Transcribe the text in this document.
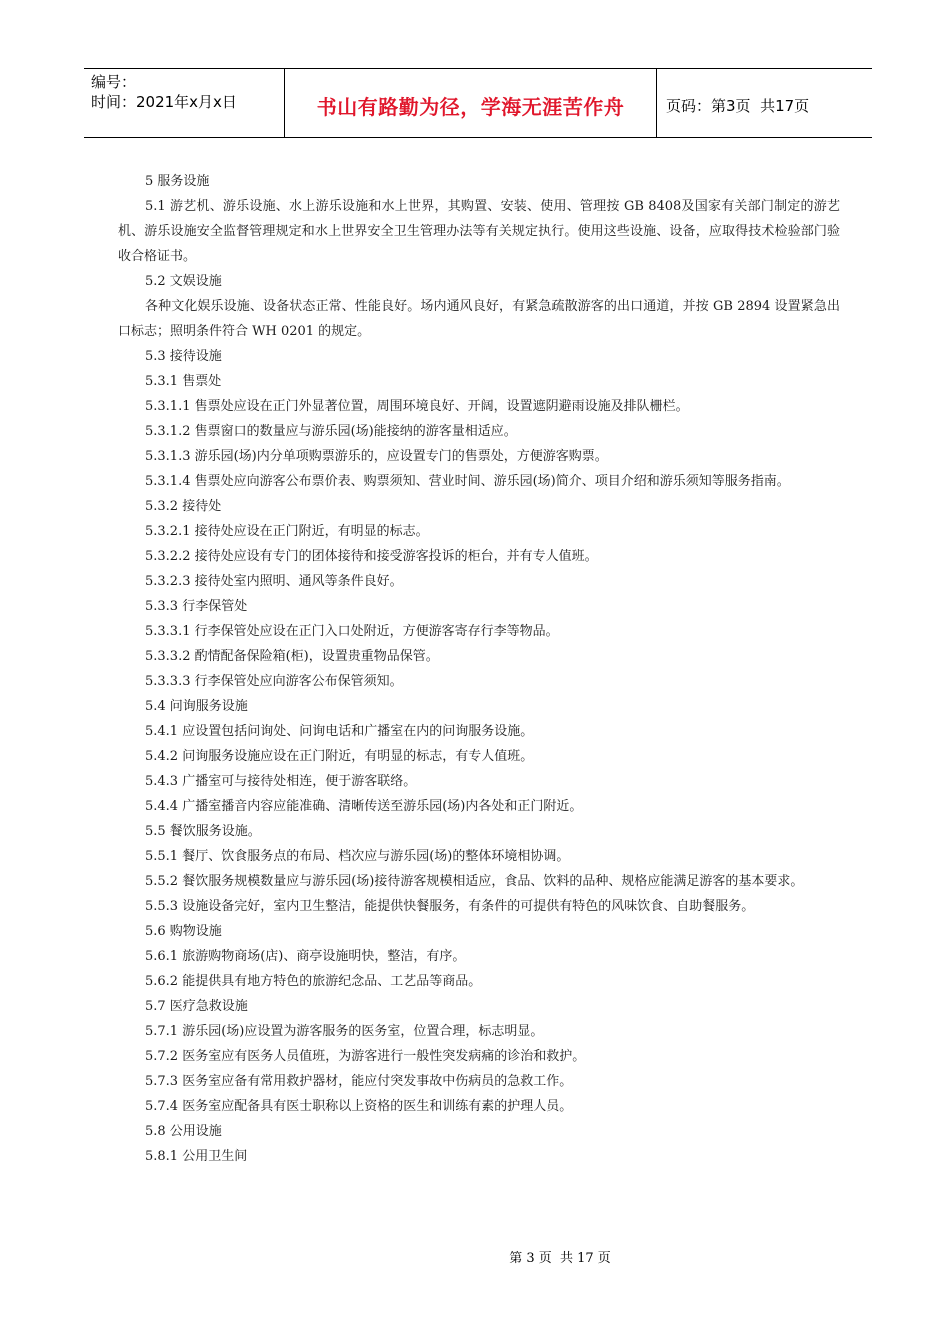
编号：
时间：2021年x月x日	书山有路勤为径，学海无涯苦作舟	页码：第3页  共17页

5 服务设施

5.1 游艺机、游乐设施、水上游乐设施和水上世界，其购置、安装、使用、管理按 GB 8408及国家有关部门制定的游艺机、游乐设施安全监督管理规定和水上世界安全卫生管理办法等有关规定执行。使用这些设施、设备，应取得技术检验部门验收合格证书。

5.2 文娱设施

各种文化娱乐设施、设备状态正常、性能良好。场内通风良好，有紧急疏散游客的出口通道，并按 GB 2894 设置紧急出口标志；照明条件符合 WH 0201 的规定。

5.3 接待设施

5.3.1 售票处

5.3.1.1 售票处应设在正门外显著位置，周围环境良好、开阔，设置遮阴避雨设施及排队栅栏。

5.3.1.2 售票窗口的数量应与游乐园(场)能接纳的游客量相适应。

5.3.1.3 游乐园(场)内分单项购票游乐的，应设置专门的售票处，方便游客购票。

5.3.1.4 售票处应向游客公布票价表、购票须知、营业时间、游乐园(场)简介、项目介绍和游乐须知等服务指南。

5.3.2 接待处

5.3.2.1 接待处应设在正门附近，有明显的标志。

5.3.2.2 接待处应设有专门的团体接待和接受游客投诉的柜台，并有专人值班。

5.3.2.3 接待处室内照明、通风等条件良好。

5.3.3 行李保管处

5.3.3.1 行李保管处应设在正门入口处附近，方便游客寄存行李等物品。

5.3.3.2 酌情配备保险箱(柜)，设置贵重物品保管。

5.3.3.3 行李保管处应向游客公布保管须知。

5.4 问询服务设施

5.4.1 应设置包括问询处、问询电话和广播室在内的问询服务设施。

5.4.2 问询服务设施应设在正门附近，有明显的标志，有专人值班。

5.4.3 广播室可与接待处相连，便于游客联络。

5.4.4 广播室播音内容应能准确、清晰传送至游乐园(场)内各处和正门附近。

5.5 餐饮服务设施。

5.5.1 餐厅、饮食服务点的布局、档次应与游乐园(场)的整体环境相协调。

5.5.2 餐饮服务规模数量应与游乐园(场)接待游客规模相适应，食品、饮料的品种、规格应能满足游客的基本要求。

5.5.3 设施设备完好，室内卫生整洁，能提供快餐服务，有条件的可提供有特色的风味饮食、自助餐服务。

5.6 购物设施

5.6.1 旅游购物商场(店)、商亭设施明快，整洁，有序。

5.6.2 能提供具有地方特色的旅游纪念品、工艺品等商品。

5.7 医疗急救设施

5.7.1 游乐园(场)应设置为游客服务的医务室，位置合理，标志明显。

5.7.2 医务室应有医务人员值班，为游客进行一般性突发病痛的诊治和救护。

5.7.3 医务室应备有常用救护器材，能应付突发事故中伤病员的急救工作。

5.7.4 医务室应配备具有医士职称以上资格的医生和训练有素的护理人员。

5.8 公用设施

5.8.1 公用卫生间

第 3 页  共 17 页
